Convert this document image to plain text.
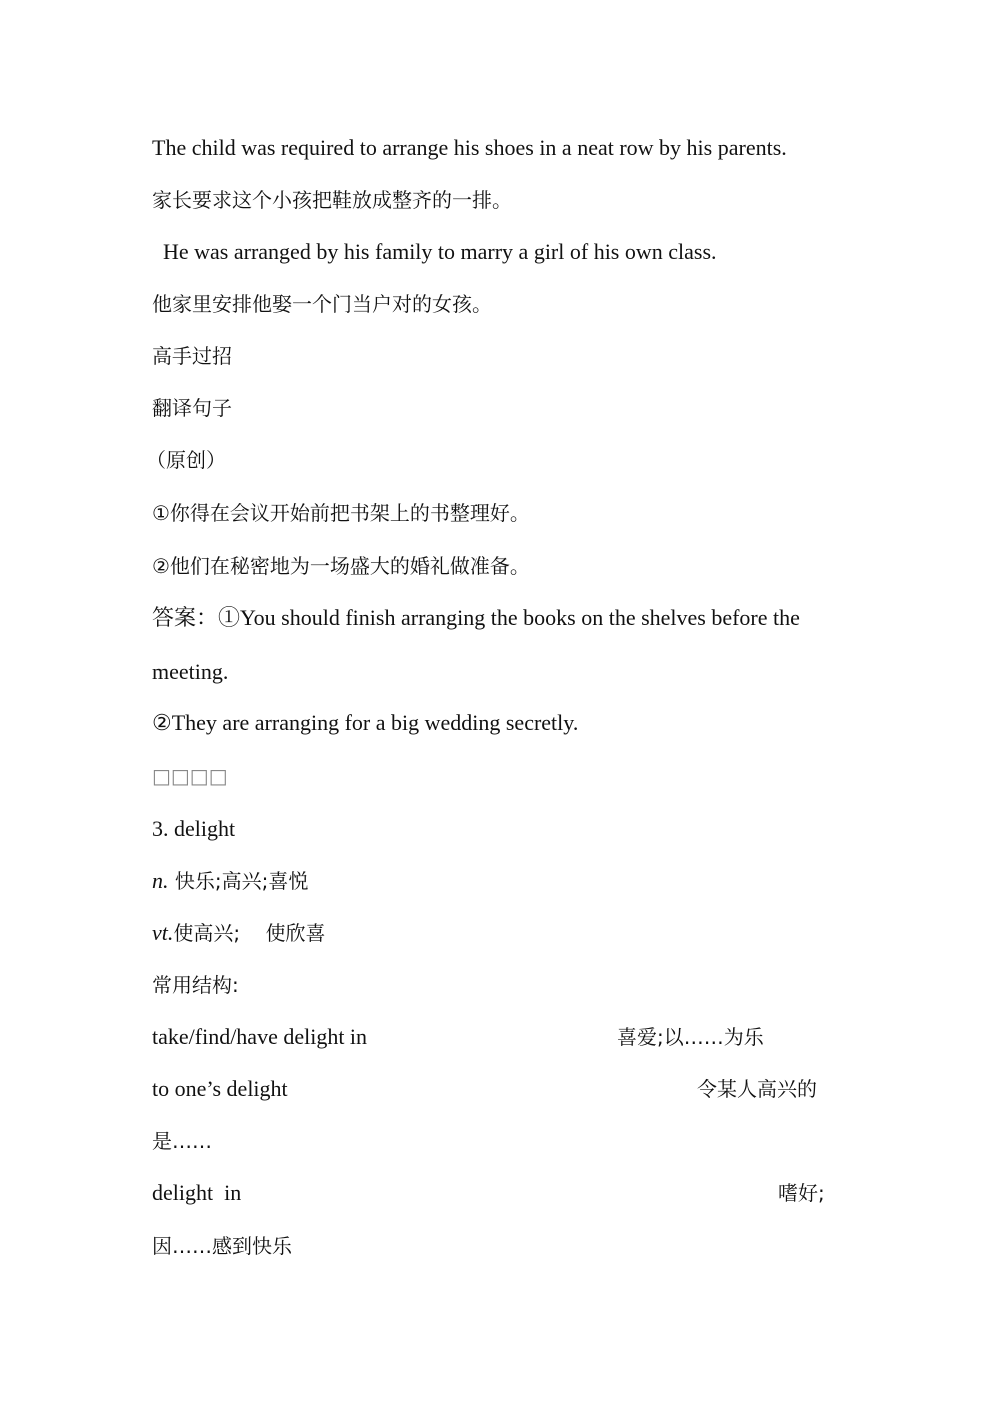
The child was required to arrange his shoes in a neat row by his parents.
家长要求这个小孩把鞋放成整齐的一排。
He was arranged by his family to marry a girl of his own class.
他家里安排他娶一个门当户对的女孩。
高手过招
翻译句子
（原创）
①你得在会议开始前把书架上的书整理好。
②他们在秘密地为一场盛大的婚礼做准备。
答案：①You should finish arranging the books on the shelves before the
meeting.
②They are arranging for a big wedding secretly.
□□□□
3. delight
n. 快乐;高兴;喜悦
vt.使高兴;    使欣喜
常用结构:
take/find/have delight in	喜爱;以……为乐
to one’s delight	令某人高兴的
是……
delight  in	嗜好;
因……感到快乐
